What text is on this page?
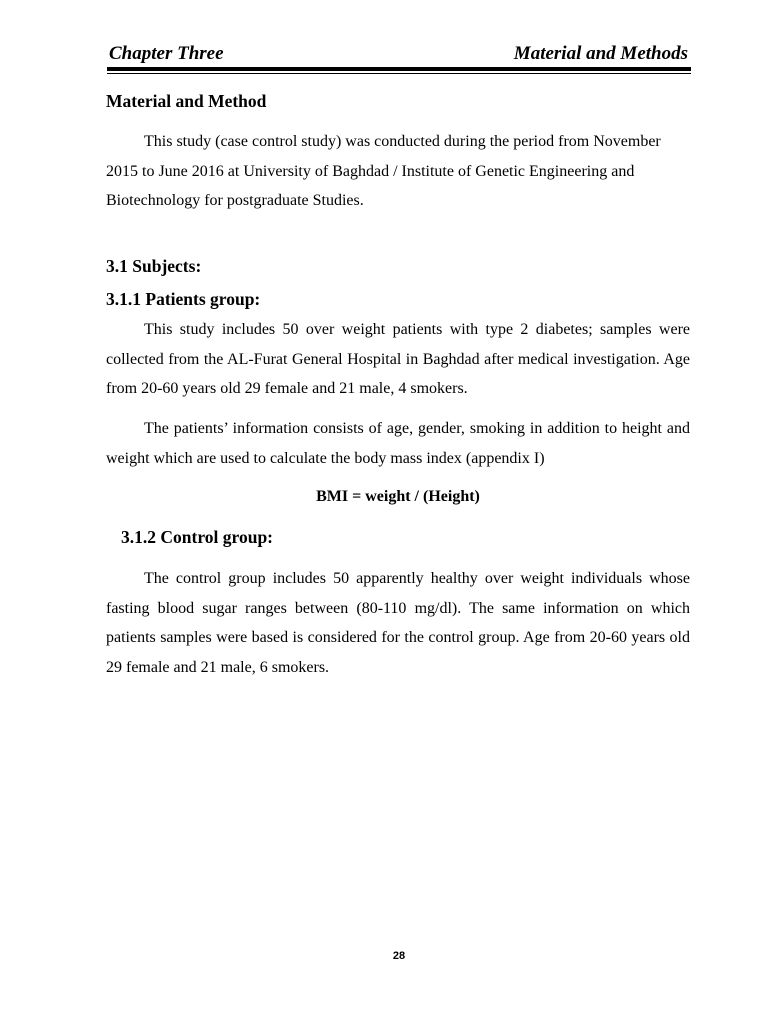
Chapter Three	Material and Methods
Material and Method

This study (case control study) was conducted during the period from November 2015 to June 2016 at University of Baghdad / Institute of Genetic Engineering and Biotechnology for postgraduate Studies.

3.1 Subjects:
3.1.1 Patients group:

This study includes 50 over weight patients with type 2 diabetes; samples were collected from the AL-Furat General Hospital in Baghdad after medical investigation. Age from 20-60 years old 29 female and 21 male, 4 smokers.

The patients’ information consists of age, gender, smoking in addition to height and weight which are used to calculate the body mass index (appendix I)

BMI = weight / (Height)
3.1.2 Control group:

The control group includes 50 apparently healthy over weight individuals whose fasting blood sugar ranges between (80-110 mg/dl). The same information on which patients samples were based is considered for the control group. Age from 20-60 years old 29 female and 21 male, 6 smokers.

28
